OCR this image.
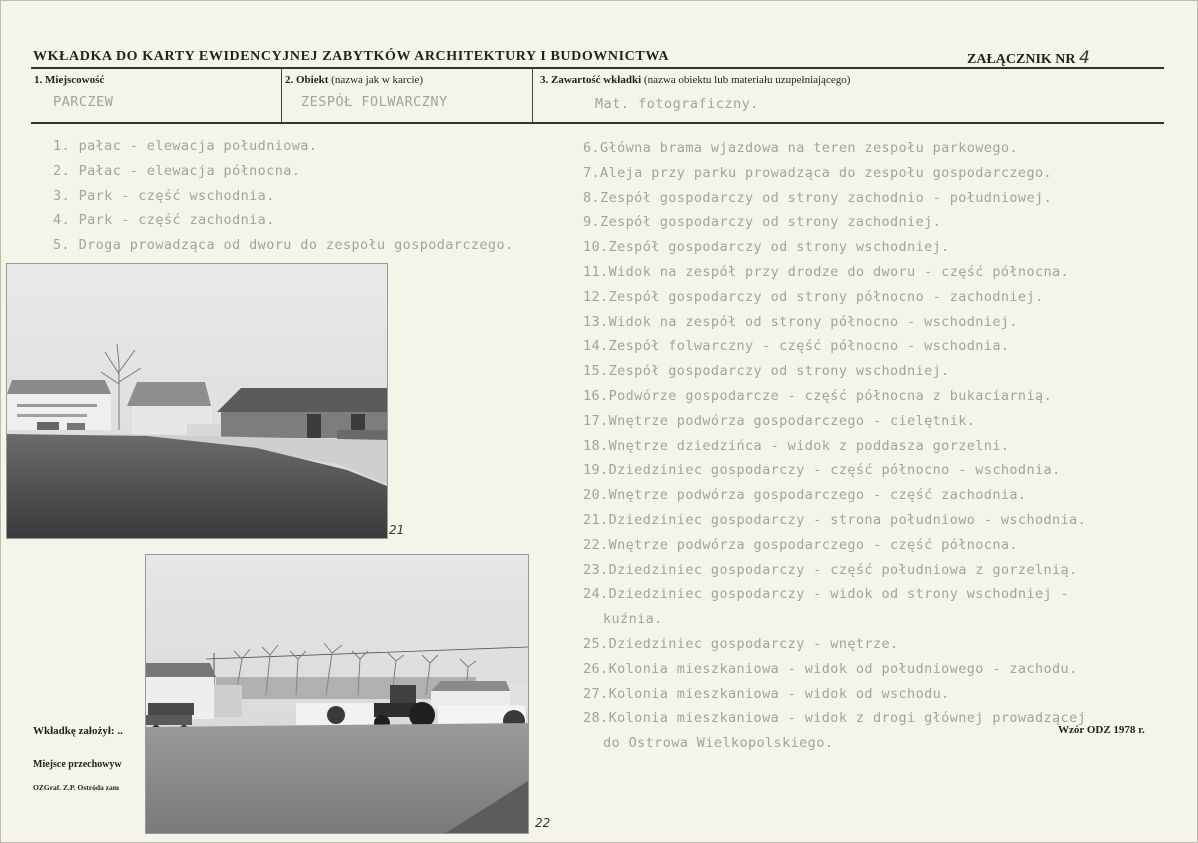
WKŁADKA DO KARTY EWIDENCYJNEJ ZABYTKÓW ARCHITEKTURY I BUDOWNICTWA	ZAŁĄCZNIK NR 4
1. Miejscowość
PARCZEW
2. Obiekt (nazwa jak w karcie)
ZESPÓŁ FOLWARCZNY
3. Zawartość wkładki (nazwa obiektu lub materiału uzupełniającego)
Mat. fotograficzny.
1. pałac - elewacja południowa.
2. Pałac - elewacja północna.
3. Park - część wschodnia.
4. Park - część zachodnia.
5. Droga prowadząca od dworu do zespołu gospodarczego.
6.Główna brama wjazdowa na teren zespołu parkowego.
7.Aleja przy parku prowadząca do zespołu gospodarczego.
8.Zespół gospodarczy od strony zachodnio - południowej.
9.Zespół gospodarczy od strony zachodniej.
10.Zespół gospodarczy od strony wschodniej.
11.Widok na zespół przy drodze do dworu - część północna.
12.Zespół gospodarczy od strony północno - zachodniej.
13.Widok na zespół od strony północno - wschodniej.
14.Zespół folwarczny - część północno - wschodnia.
15.Zespół gospodarczy od strony wschodniej.
16.Podwórze gospodarcze - część północna z bukaciarnią.
17.Wnętrze podwórza gospodarczego - cielętnik.
18.Wnętrze dziedzińca - widok z poddasza gorzelni.
19.Dziedziniec gospodarczy - część północno - wschodnia.
20.Wnętrze podwórza gospodarczego - część zachodnia.
21.Dziedziniec gospodarczy - strona południowo - wschodnia.
22.Wnętrze podwórza gospodarczego - część północna.
23.Dziedziniec gospodarczy - część południowa z gorzelnią.
24.Dziedziniec gospodarczy - widok od strony wschodniej -
kuźnia.
25.Dziedziniec gospodarczy - wnętrze.
26.Kolonia mieszkaniowa - widok od południowego - zachodu.
27.Kolonia mieszkaniowa - widok od wschodu.
28.Kolonia mieszkaniowa - widok z drogi głównej prowadzącej
do Ostrowa Wielkopolskiego.
Wkładkę założył: ..
Miejsce przechowyw
OZGraf. Z.P. Ostróda zam
Wzór ODZ 1978 r.
21
22
